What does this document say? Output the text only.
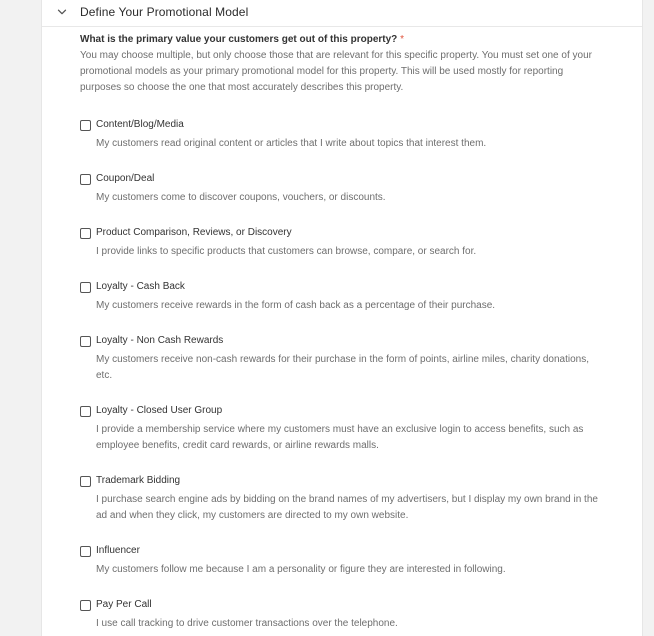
Define Your Promotional Model
What is the primary value your customers get out of this property? *
You may choose multiple, but only choose those that are relevant for this specific property. You must set one of your promotional models as your primary promotional model for this property. This will be used mostly for reporting purposes so choose the one that most accurately describes this property.
Content/Blog/Media
My customers read original content or articles that I write about topics that interest them.
Coupon/Deal
My customers come to discover coupons, vouchers, or discounts.
Product Comparison, Reviews, or Discovery
I provide links to specific products that customers can browse, compare, or search for.
Loyalty - Cash Back
My customers receive rewards in the form of cash back as a percentage of their purchase.
Loyalty - Non Cash Rewards
My customers receive non-cash rewards for their purchase in the form of points, airline miles, charity donations, etc.
Loyalty - Closed User Group
I provide a membership service where my customers must have an exclusive login to access benefits, such as employee benefits, credit card rewards, or airline rewards malls.
Trademark Bidding
I purchase search engine ads by bidding on the brand names of my advertisers, but I display my own brand in the ad and when they click, my customers are directed to my own website.
Influencer
My customers follow me because I am a personality or figure they are interested in following.
Pay Per Call
I use call tracking to drive customer transactions over the telephone.
